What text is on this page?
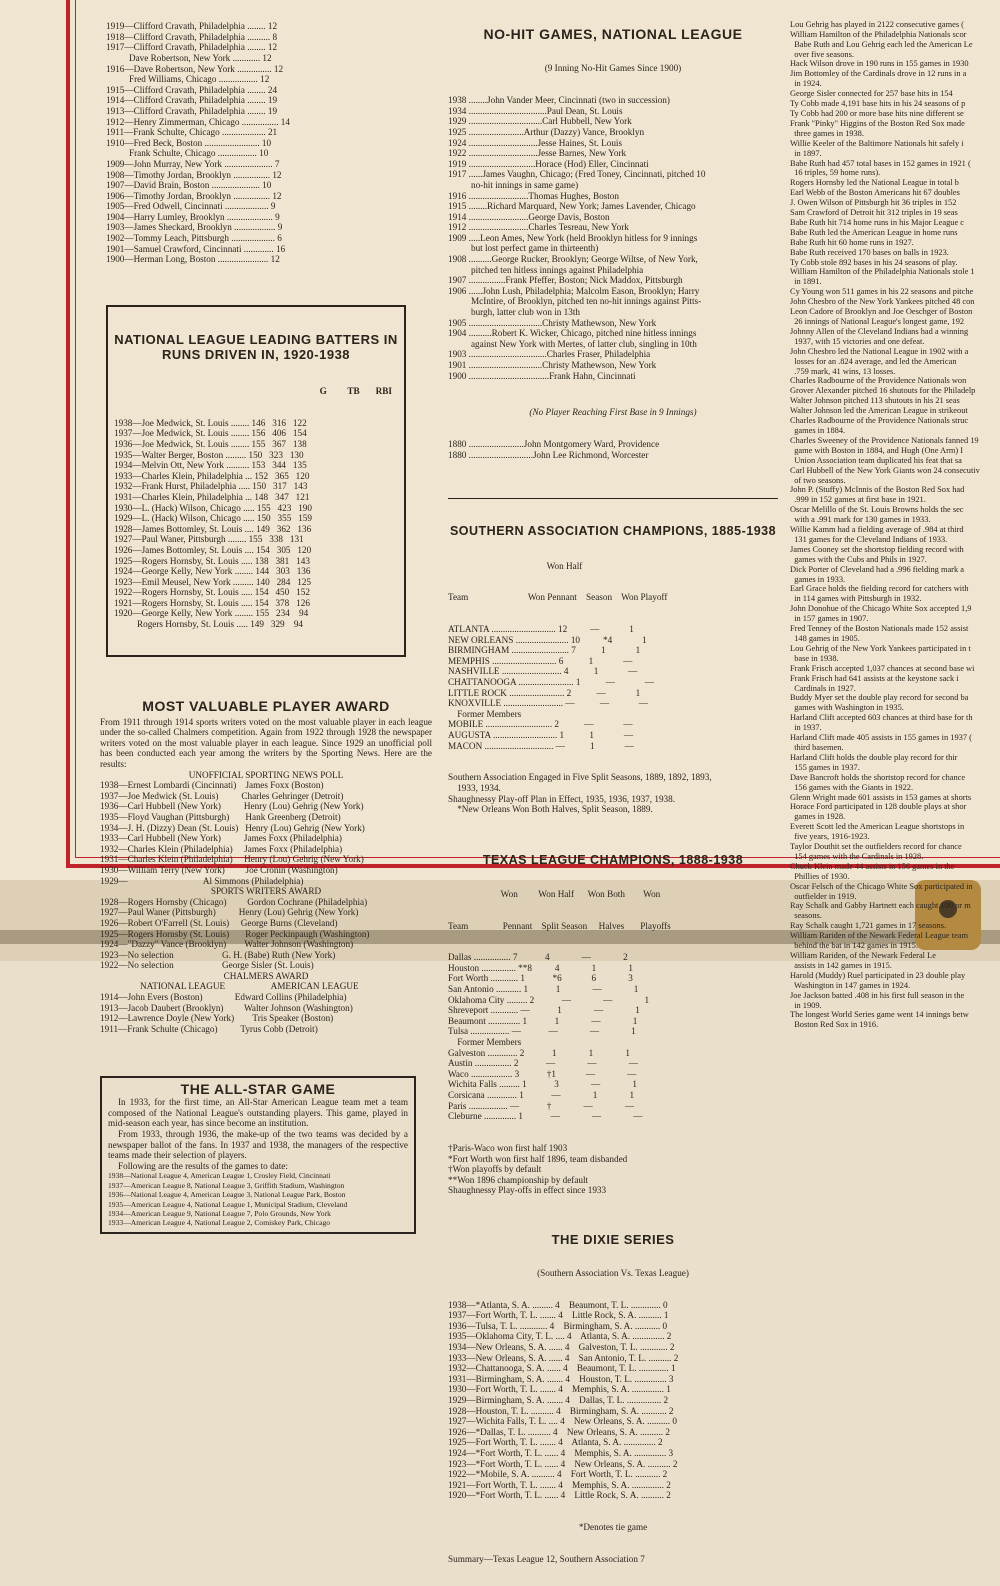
1919—Clifford Cravath, Philadelphia ........ 12
1918—Clifford Cravath, Philadelphia .......... 8
1917—Clifford Cravath, Philadelphia ........ 12
Dave Robertson, New York ............ 12
1916—Dave Robertson, New York ............... 12
Fred Williams, Chicago ................. 12
1915—Clifford Cravath, Philadelphia ........ 24
1914—Clifford Cravath, Philadelphia ........ 19
1913—Clifford Cravath, Philadelphia ........ 19
1912—Henry Zimmerman, Chicago ................ 14
1911—Frank Schulte, Chicago ................... 21
1910—Fred Beck, Boston ........................ 10
Frank Schulte, Chicago ................. 10
1909—John Murray, New York ..................... 7
1908—Timothy Jordan, Brooklyn ................ 12
1907—David Brain, Boston ..................... 10
1906—Timothy Jordan, Brooklyn ................ 12
1905—Fred Odwell, Cincinnati ................... 9
1904—Harry Lumley, Brooklyn .................... 9
1903—James Sheckard, Brooklyn .................. 9
1902—Tommy Leach, Pittsburgh ................... 6
1901—Samuel Crawford, Cincinnati ............. 16
1900—Herman Long, Boston ...................... 12

NATIONAL LEAGUE LEADING BATTERS IN RUNS DRIVEN IN, 1920-1938

G TB RBI

1938—Joe Medwick, St. Louis ........ 146   316   122
1937—Joe Medwick, St. Louis ........ 156   406   154
1936—Joe Medwick, St. Louis ........ 155   367   138
1935—Walter Berger, Boston ......... 150   323   130
1934—Melvin Ott, New York .......... 153   344   135
1933—Charles Klein, Philadelphia ... 152   365   120
1932—Frank Hurst, Philadelphia ..... 150   317   143
1931—Charles Klein, Philadelphia ... 148   347   121
1930—L. (Hack) Wilson, Chicago ..... 155   423   190
1929—L. (Hack) Wilson, Chicago ..... 150   355   159
1928—James Bottomley, St. Louis .... 149   362   136
1927—Paul Waner, Pittsburgh ........ 155   338   131
1926—James Bottomley, St. Louis .... 154   305   120
1925—Rogers Hornsby, St. Louis ..... 138   381   143
1924—George Kelly, New York ........ 144   303   136
1923—Emil Meusel, New York ......... 140   284   125
1922—Rogers Hornsby, St. Louis ..... 154   450   152
1921—Rogers Hornsby, St. Louis ..... 154   378   126
1920—George Kelly, New York ........ 155   234    94
Rogers Hornsby, St. Louis ..... 149   329    94

MOST VALUABLE PLAYER AWARD
From 1911 through 1914 sports writers voted on the most valuable player in each league under the so-called Chalmers competition. Again from 1922 through 1928 the newspaper writers voted on the most valuable player in each league. Since 1929 an unofficial poll has been conducted each year among the writers by the Sporting News. Here are the results:
UNOFFICIAL SPORTING NEWS POLL
1938—Ernest Lombardi (Cincinnati)    James Foxx (Boston)
1937—Joe Medwick (St. Louis)          Charles Gehringer (Detroit)
1936—Carl Hubbell (New York)          Henry (Lou) Gehrig (New York)
1935—Floyd Vaughan (Pittsburgh)       Hank Greenberg (Detroit)
1934—J. H. (Dizzy) Dean (St. Louis)   Henry (Lou) Gehrig (New York)
1933—Carl Hubbell (New York)          James Foxx (Philadelphia)
1932—Charles Klein (Philadelphia)     James Foxx (Philadelphia)
1931—Charles Klein (Philadelphia)     Henry (Lou) Gehrig (New York)
1930—William Terry (New York)         Joe Cronin (Washington)
1929—                                 Al Simmons (Philadelphia)
SPORTS WRITERS AWARD
1928—Rogers Hornsby (Chicago)         Gordon Cochrane (Philadelphia)
1927—Paul Waner (Pittsburgh)          Henry (Lou) Gehrig (New York)
1926—Robert O'Farrell (St. Louis)     George Burns (Cleveland)
1925—Rogers Hornsby (St. Louis)       Roger Peckinpaugh (Washington)
1924—"Dazzy" Vance (Brooklyn)        Walter Johnson (Washington)
1923—No selection                     G. H. (Babe) Ruth (New York)
1922—No selection                     George Sisler (St. Louis)
CHALMERS AWARD
NATIONAL LEAGUE                    AMERICAN LEAGUE
1914—John Evers (Boston)              Edward Collins (Philadelphia)
1913—Jacob Daubert (Brooklyn)         Walter Johnson (Washington)
1912—Lawrence Doyle (New York)        Tris Speaker (Boston)
1911—Frank Schulte (Chicago)          Tyrus Cobb (Detroit)

THE ALL-STAR GAME
In 1933, for the first time, an All-Star American League team met a team composed of the National League's outstanding players. This game, played in mid-season each year, has since become an institution.
From 1933, through 1936, the make-up of the two teams was decided by a newspaper ballot of the fans. In 1937 and 1938, the managers of the respective teams made their selection of players.
Following are the results of the games to date:
1938—National League 4, American League 1, Crosley Field, Cincinnati
1937—American League 8, National League 3, Griffith Stadium, Washington
1936—National League 4, American League 3, National League Park, Boston
1935—American League 4, National League 1, Municipal Stadium, Cleveland
1934—American League 9, National League 7, Polo Grounds, New York
1933—American League 4, National League 2, Comiskey Park, Chicago

NO-HIT GAMES, NATIONAL LEAGUE

(9 Inning No-Hit Games Since 1900)

1938 ........John Vander Meer, Cincinnati (two in succession)
1934 ..................................Paul Dean, St. Louis
1929 ................................Carl Hubbell, New York
1925 ........................Arthur (Dazzy) Vance, Brooklyn
1924 ..............................Jesse Haines, St. Louis
1922 ..............................Jesse Barnes, New York
1919 .............................Horace (Hod) Eller, Cincinnati
1917 ......James Vaughn, Chicago; (Fred Toney, Cincinnati, pitched 10
no-hit innings in same game)
1916 ..........................Thomas Hughes, Boston
1915 ........Richard Marquard, New York; James Lavender, Chicago
1914 ..........................George Davis, Boston
1912 ..........................Charles Tesreau, New York
1909 .....Leon Ames, New York (held Brooklyn hitless for 9 innings
but lost perfect game in thirteenth)
1908 ..........George Rucker, Brooklyn; George Wiltse, of New York,
pitched ten hitless innings against Philadelphia
1907 ................Frank Pfeffer, Boston; Nick Maddox, Pittsburgh
1906 ......John Lush, Philadelphia; Malcolm Eason, Brooklyn; Harry
McIntire, of Brooklyn, pitched ten no-hit innings against Pitts-
burgh, latter club won in 13th
1905 ................................Christy Mathewson, New York
1904 ..........Robert K. Wicker, Chicago, pitched nine hitless innings
against New York with Mertes, of latter club, singling in 10th
1903 ..................................Charles Fraser, Philadelphia
1901 ................................Christy Mathewson, New York
1900 ...................................Frank Hahn, Cincinnati

(No Player Reaching First Base in 9 Innings)

1880 ........................John Montgomery Ward, Providence
1880 ............................John Lee Richmond, Worcester

SOUTHERN ASSOCIATION CHAMPIONS, 1885-1938

Won Half

Team                          Won Pennant    Season    Won Playoff

ATLANTA ............................ 12          —             1
NEW ORLEANS ....................... 10          *4             1
BIRMINGHAM ......................... 7           1             1
MEMPHIS ............................ 6           1             —
NASHVILLE .......................... 4           1             —
CHATTANOOGA ........................ 1           —             —
LITTLE ROCK ........................ 2           —             1
KNOXVILLE .......................... —           —             —
Former Members
MOBILE ............................. 2           —             —
AUGUSTA ............................ 1           1             —
MACON .............................. —           1             —

Southern Association Engaged in Five Split Seasons, 1889, 1892, 1893,
1933, 1934.
Shaughnessy Play-off Plan in Effect, 1935, 1936, 1937, 1938.
*New Orleans Won Both Halves, Split Season, 1889.

TEXAS LEAGUE CHAMPIONS, 1888-1938

Won         Won Half      Won Both        Won

Team               Pennant    Split Season     Halves       Playoffs

Dallas ................ 7            4              —              2
Houston ............... **8          4              1              1
Fort Worth ............ 1            *6             6              3
San Antonio ........... 1            1              —              1
Oklahoma City ......... 2            —              —              1
Shreveport ............ —            1              —              1
Beaumont .............. 1            1              —              1
Tulsa ................. —            —              —              1
Former Members
Galveston ............. 2            1              1              1
Austin ................ 2            —              —              —
Waco .................. 3            †1             —              —
Wichita Falls ......... 1            3              —              1
Corsicana ............. 1            —              1              1
Paris ................. —            †              —              —
Cleburne .............. 1            —              —              —

†Paris-Waco won first half 1903
*Fort Worth won first half 1896, team disbanded
†Won playoffs by default
**Won 1896 championship by default
Shaughnessy Play-offs in effect since 1933

THE DIXIE SERIES

(Southern Association Vs. Texas League)

1938—*Atlanta, S. A. ......... 4    Beaumont, T. L. ............. 0
1937—Fort Worth, T. L. ....... 4    Little Rock, S. A. .......... 1
1936—Tulsa, T. L. ............ 4    Birmingham, S. A. ........... 0
1935—Oklahoma City, T. L. .... 4    Atlanta, S. A. .............. 2
1934—New Orleans, S. A. ...... 4    Galveston, T. L. ............ 2
1933—New Orleans, S. A. ...... 4    San Antonio, T. L. .......... 2
1932—Chattanooga, S. A. ...... 4    Beaumont, T. L. ............. 1
1931—Birmingham, S. A. ....... 4    Houston, T. L. .............. 3
1930—Fort Worth, T. L. ....... 4    Memphis, S. A. .............. 1
1929—Birmingham, S. A. ....... 4    Dallas, T. L. ............... 2
1928—Houston, T. L. .......... 4    Birmingham, S. A. ........... 2
1927—Wichita Falls, T. L. .... 4    New Orleans, S. A. .......... 0
1926—*Dallas, T. L. .......... 4    New Orleans, S. A. .......... 2
1925—Fort Worth, T. L. ....... 4    Atlanta, S. A. .............. 2
1924—*Fort Worth, T. L. ...... 4    Memphis, S. A. .............. 3
1923—*Fort Worth, T. L. ...... 4    New Orleans, S. A. .......... 2
1922—*Mobile, S. A. .......... 4    Fort Worth, T. L. ........... 2
1921—Fort Worth, T. L. ....... 4    Memphis, S. A. .............. 2
1920—*Fort Worth, T. L. ...... 4    Little Rock, S. A. .......... 2

*Denotes tie game

Summary—Texas League 12, Southern Association 7

Lou Gehrig has played in 2122 consecutive games (
William Hamilton of the Philadelphia Nationals scor
Babe Ruth and Lou Gehrig each led the American Le
over five seasons.
Hack Wilson drove in 190 runs in 155 games in 1930
Jim Bottomley of the Cardinals drove in 12 runs in a
in 1924.
George Sisler connected for 257 base hits in 154
Ty Cobb made 4,191 base hits in his 24 seasons of p
Ty Cobb had 200 or more base hits nine different se
Frank "Pinky" Higgins of the Boston Red Sox made
three games in 1938.
Willie Keeler of the Baltimore Nationals hit safely i
in 1897.
Babe Ruth had 457 total bases in 152 games in 1921 (
16 triples, 59 home runs).
Rogers Hornsby led the National League in total b
Earl Webb of the Boston Americans hit 67 doubles
J. Owen Wilson of Pittsburgh hit 36 triples in 152
Sam Crawford of Detroit hit 312 triples in 19 seas
Babe Ruth hit 714 home runs in his Major League c
Babe Ruth led the American League in home runs
Babe Ruth hit 60 home runs in 1927.
Babe Ruth received 170 bases on balls in 1923.
Ty Cobb stole 892 bases in his 24 seasons of play.
William Hamilton of the Philadelphia Nationals stole 1
in 1891.
Cy Young won 511 games in his 22 seasons and pitche
John Chesbro of the New York Yankees pitched 48 con
Leon Cadore of Brooklyn and Joe Oeschger of Boston
26 innings of National League's longest game, 192
Johnny Allen of the Cleveland Indians had a winning
1937, with 15 victories and one defeat.
John Chesbro led the National League in 1902 with a
losses for an .824 average, and led the American
.759 mark, 41 wins, 13 losses.
Charles Radbourne of the Providence Nationals won
Grover Alexander pitched 16 shutouts for the Philadelp
Walter Johnson pitched 113 shutouts in his 21 seas
Walter Johnson led the American League in strikeout
Charles Radbourne of the Providence Nationals struc
games in 1884.
Charles Sweeney of the Providence Nationals fanned 19
game with Boston in 1884, and Hugh (One Arm) I
Union Association team duplicated his feat that sa
Carl Hubbell of the New York Giants won 24 consecutiv
of two seasons.
John P. (Stuffy) McInnis of the Boston Red Sox had
.999 in 152 games at first base in 1921.
Oscar Melillo of the St. Louis Browns holds the sec
with a .991 mark for 130 games in 1933.
Willie Kamm had a fielding average of .984 at third
131 games for the Cleveland Indians of 1933.
James Cooney set the shortstop fielding record with
games with the Cubs and Phils in 1927.
Dick Porter of Cleveland had a .996 fielding mark a
games in 1933.
Earl Grace holds the fielding record for catchers with
in 114 games with Pittsburgh in 1932.
John Donohue of the Chicago White Sox accepted 1,9
in 157 games in 1907.
Fred Tenney of the Boston Nationals made 152 assist
148 games in 1905.
Lou Gehrig of the New York Yankees participated in t
base in 1938.
Frank Frisch accepted 1,037 chances at second base wi
Frank Frisch had 641 assists at the keystone sack i
Cardinals in 1927.
Buddy Myer set the double play record for second ba
games with Washington in 1935.
Harland Clift accepted 603 chances at third base for th
in 1937.
Harland Clift made 405 assists in 155 games in 1937 (
third basemen.
Harland Clift holds the double play record for thir
155 games in 1937.
Dave Bancroft holds the shortstop record for chance
156 games with the Giants in 1922.
Glenn Wright made 601 assists in 153 games at shorts
Horace Ford participated in 128 double plays at shor
games in 1928.
Everett Scott led the American League shortstops in
five years, 1916-1923.
Taylor Douthit set the outfielders record for chance
154 games with the Cardinals in 1928.
Chuck Klein made 44 assists in 156 games in the
Phillies of 1930.
Oscar Felsch of the Chicago White Sox participated in
outfielder in 1919.
Ray Schalk and Gabby Hartnett each caught 100 or m
seasons.
Ray Schalk caught 1,721 games in 17 seasons.
William Rariden of the Newark Federal League team
behind the bat in 142 games in 1915.
William Rariden, of the Newark Federal Le
assists in 142 games in 1915.
Harold (Muddy) Ruel participated in 23 double play
Washington in 147 games in 1924.
Joe Jackson batted .408 in his first full season in the
in 1909.
The longest World Series game went 14 innings betw
Boston Red Sox in 1916.
